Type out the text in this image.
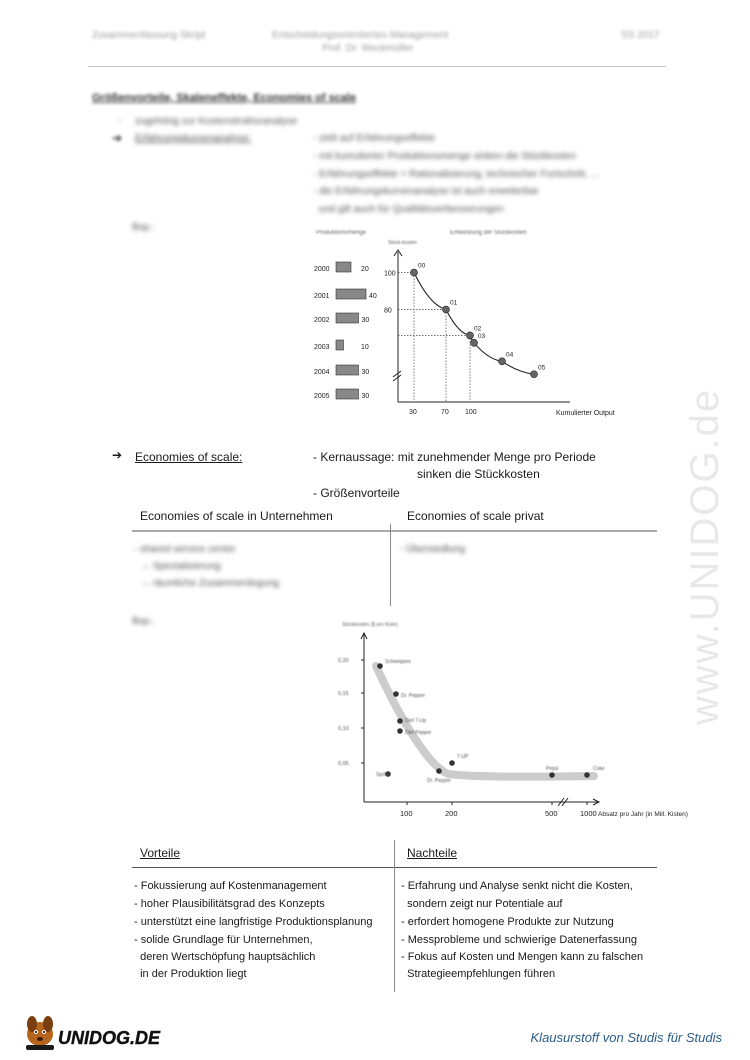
Zusammenfassung Skript	Entscheidungsorientiertes Management
Prof. Dr. Weckmüller
SS 2017
Größenvorteile, Skaleneffekte, Economies of scale
- zugehörig zur Kostenstrukturanalyse
➔ Erfahrungskurvenanalyse:	- zielt auf Erfahrungseffekte
- mit kumulierter Produktionsmenge sinken die Stückkosten
- Erfahrungseffekte = Rationalisierung, technischer Fortschritt, ...
- die Erfahrungskurvenanalyse ist auch erweiterbar
und gilt auch für Qualitätsverbesserungen
Bsp.:	Produktionsmenge	Entwicklung der Stückkosten
Stück-kosten
2000	20
2001	40
2002	30
2003	10
2004	30
2005	30
100
80
30	70 100
00
01
02
03
04
05
Kumulierter Output
➔ Economies of scale:	- Kernaussage: mit zunehmender Menge pro Periode
sinken die Stückkosten
- Größenvorteile
Economies of scale in Unternehmen	Economies of scale privat
- shared service center
→ Spezialisierung
→ räumliche Zusammenlegung
- Übersiedlung
Bsp.:	Stückkosten ($ pro Kiste)
0,20
0,15
0,10
0,05
100	200	500	1000
Schweppes
Dr. Pepper
Diet 7-Up
Diet Pepper
7-UP
Sprite
Dr. Pepper
Pepsi	Coke
Absatz pro Jahr (in Mill. Kisten)
Vorteile	Nachteile
- Fokussierung auf Kostenmanagement
- hoher Plausibilitätsgrad des Konzepts
- unterstützt eine langfristige Produktionsplanung
- solide Grundlage für Unternehmen,
deren Wertschöpfung hauptsächlich
in der Produktion liegt
- Erfahrung und Analyse senkt nicht die Kosten,
sondern zeigt nur Potentiale auf
- erfordert homogene Produkte zur Nutzung
- Messprobleme und schwierige Datenerfassung
- Fokus auf Kosten und Mengen kann zu falschen
Strategieempfehlungen führen
www.UNIDOG.de
UNIDOG.DE	Klausurstoff von Studis für Studis
